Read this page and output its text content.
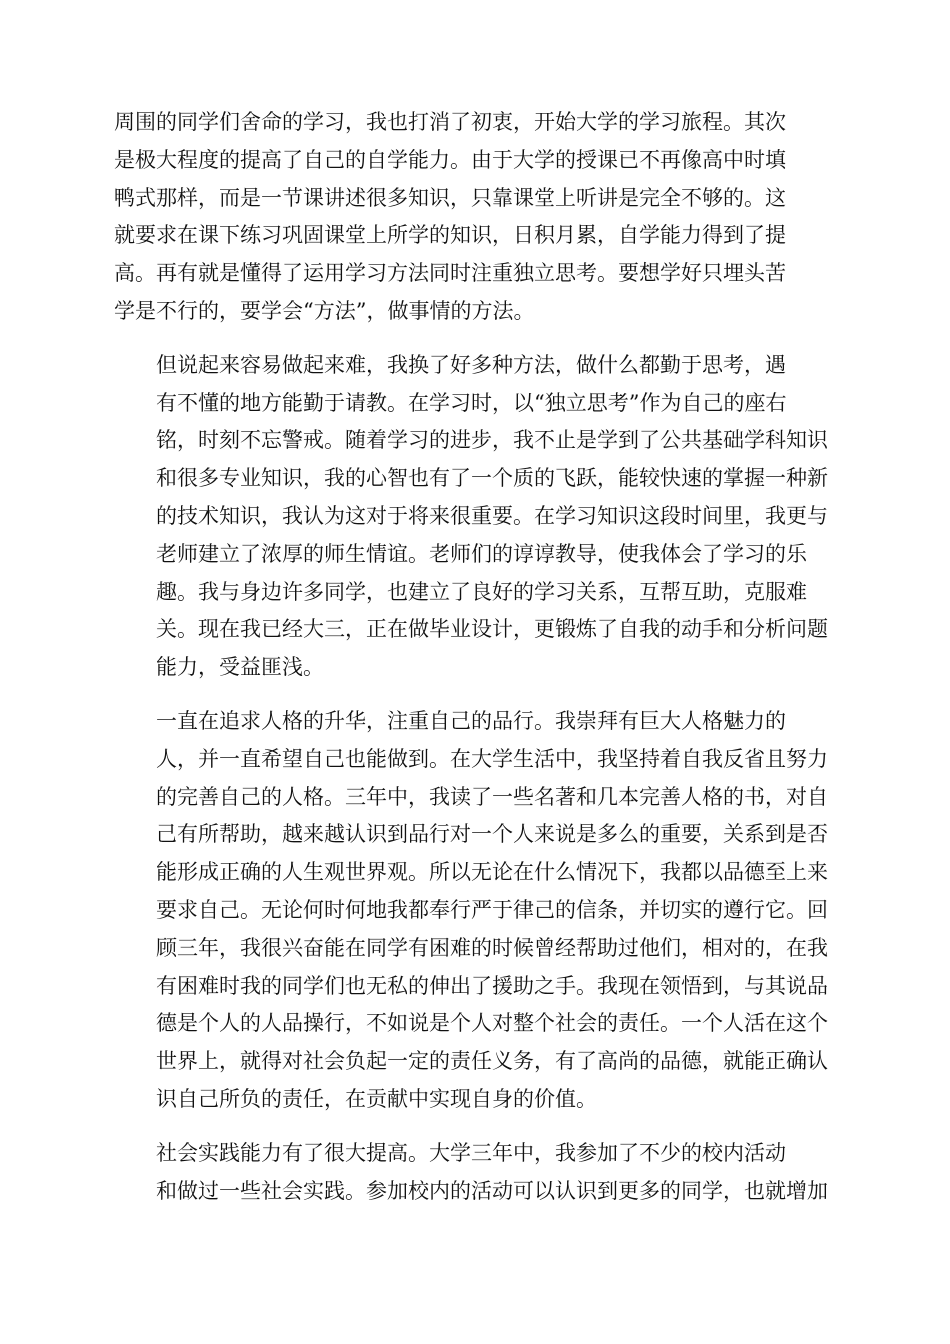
周围的同学们舍命的学习，我也打消了初衷，开始大学的学习旅程。其次
是极大程度的提高了自己的自学能力。由于大学的授课已不再像高中时填
鸭式那样，而是一节课讲述很多知识，只靠课堂上听讲是完全不够的。这
就要求在课下练习巩固课堂上所学的知识，日积月累，自学能力得到了提
高。再有就是懂得了运用学习方法同时注重独立思考。要想学好只埋头苦
学是不行的，要学会“方法”，做事情的方法。

但说起来容易做起来难，我换了好多种方法，做什么都勤于思考，遇
有不懂的地方能勤于请教。在学习时，以“独立思考”作为自己的座右
铭，时刻不忘警戒。随着学习的进步，我不止是学到了公共基础学科知识
和很多专业知识，我的心智也有了一个质的飞跃，能较快速的掌握一种新
的技术知识，我认为这对于将来很重要。在学习知识这段时间里，我更与
老师建立了浓厚的师生情谊。老师们的谆谆教导，使我体会了学习的乐
趣。我与身边许多同学，也建立了良好的学习关系，互帮互助，克服难
关。现在我已经大三，正在做毕业设计，更锻炼了自我的动手和分析问题
能力，受益匪浅。

一直在追求人格的升华，注重自己的品行。我崇拜有巨大人格魅力的
人，并一直希望自己也能做到。在大学生活中，我坚持着自我反省且努力
的完善自己的人格。三年中，我读了一些名著和几本完善人格的书，对自
己有所帮助，越来越认识到品行对一个人来说是多么的重要，关系到是否
能形成正确的人生观世界观。所以无论在什么情况下，我都以品德至上来
要求自己。无论何时何地我都奉行严于律己的信条，并切实的遵行它。回
顾三年，我很兴奋能在同学有困难的时候曾经帮助过他们，相对的，在我
有困难时我的同学们也无私的伸出了援助之手。我现在领悟到，与其说品
德是个人的人品操行，不如说是个人对整个社会的责任。一个人活在这个
世界上，就得对社会负起一定的责任义务，有了高尚的品德，就能正确认
识自己所负的责任，在贡献中实现自身的价值。

社会实践能力有了很大提高。大学三年中，我参加了不少的校内活动
和做过一些社会实践。参加校内的活动可以认识到更多的同学，也就增加
